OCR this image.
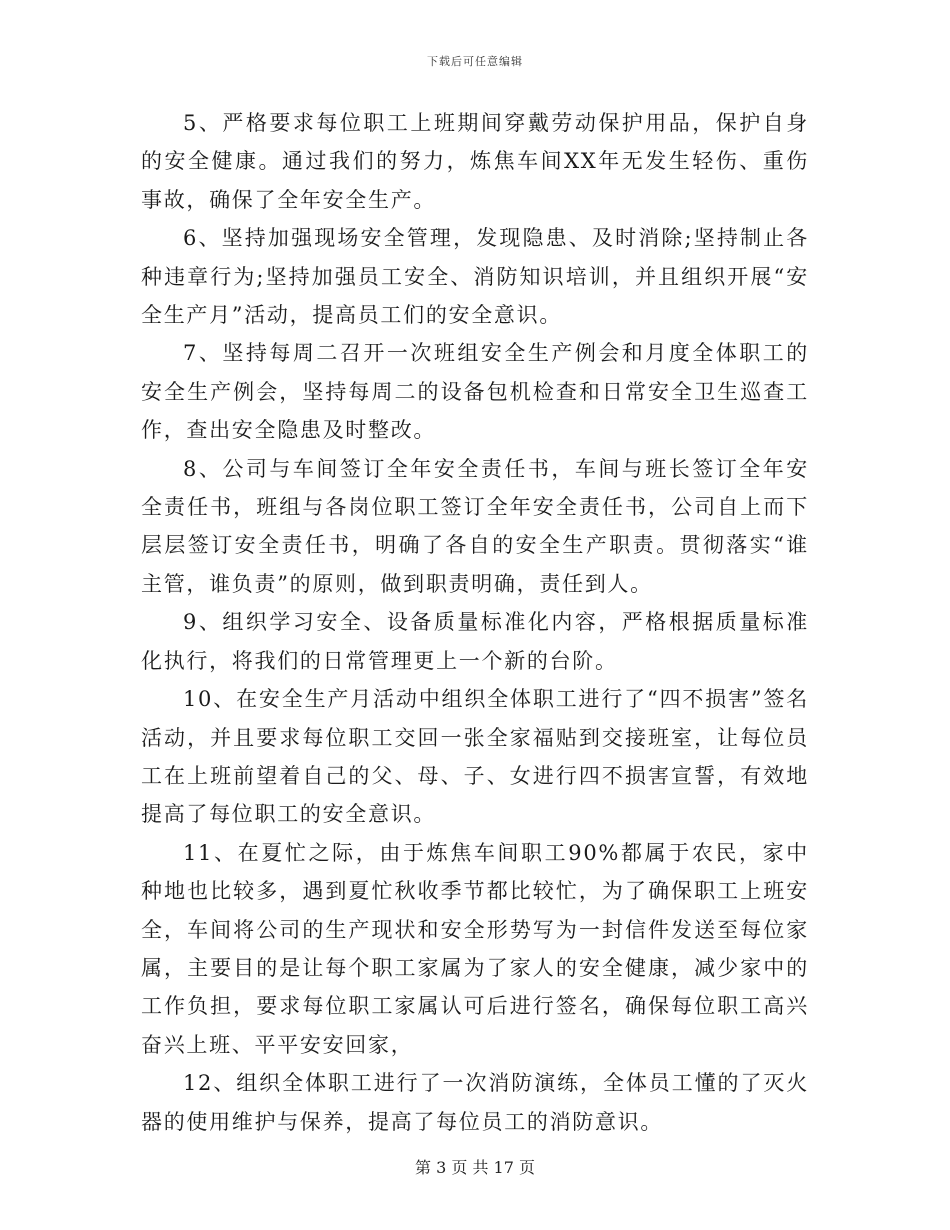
下载后可任意编辑

5、严格要求每位职工上班期间穿戴劳动保护用品，保护自身的安全健康。通过我们的努力，炼焦车间XX年无发生轻伤、重伤事故，确保了全年安全生产。

6、坚持加强现场安全管理，发现隐患、及时消除;坚持制止各种违章行为;坚持加强员工安全、消防知识培训，并且组织开展“安全生产月”活动，提高员工们的安全意识。

7、坚持每周二召开一次班组安全生产例会和月度全体职工的安全生产例会，坚持每周二的设备包机检查和日常安全卫生巡查工作，查出安全隐患及时整改。

8、公司与车间签订全年安全责任书，车间与班长签订全年安全责任书，班组与各岗位职工签订全年安全责任书，公司自上而下层层签订安全责任书，明确了各自的安全生产职责。贯彻落实“谁主管，谁负责”的原则，做到职责明确，责任到人。

9、组织学习安全、设备质量标准化内容，严格根据质量标准化执行，将我们的日常管理更上一个新的台阶。

10、在安全生产月活动中组织全体职工进行了“四不损害”签名活动，并且要求每位职工交回一张全家福贴到交接班室，让每位员工在上班前望着自己的父、母、子、女进行四不损害宣誓，有效地提高了每位职工的安全意识。

11、在夏忙之际，由于炼焦车间职工90%都属于农民，家中种地也比较多，遇到夏忙秋收季节都比较忙，为了确保职工上班安全，车间将公司的生产现状和安全形势写为一封信件发送至每位家属，主要目的是让每个职工家属为了家人的安全健康，减少家中的工作负担，要求每位职工家属认可后进行签名，确保每位职工高兴奋兴上班、平平安安回家，

12、组织全体职工进行了一次消防演练，全体员工懂的了灭火器的使用维护与保养，提高了每位员工的消防意识。

第 3 页 共 17 页
